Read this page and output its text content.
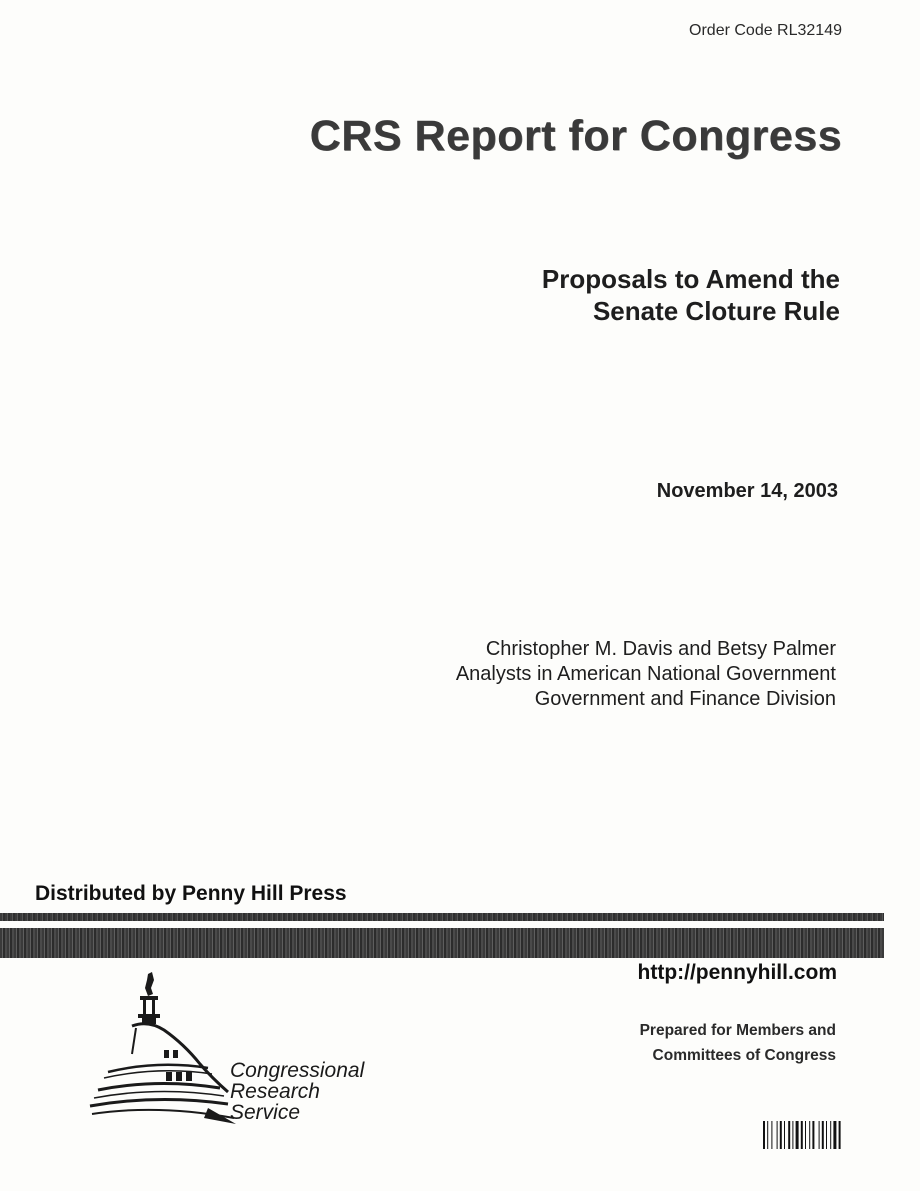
Order Code RL32149
CRS Report for Congress
Proposals to Amend the
Senate Cloture Rule
November 14, 2003
Christopher M. Davis and Betsy Palmer
Analysts in American National Government
Government and Finance Division
Distributed by Penny Hill Press
http://pennyhill.com
Prepared for Members and
Committees of Congress
Congressional
Research
Service
